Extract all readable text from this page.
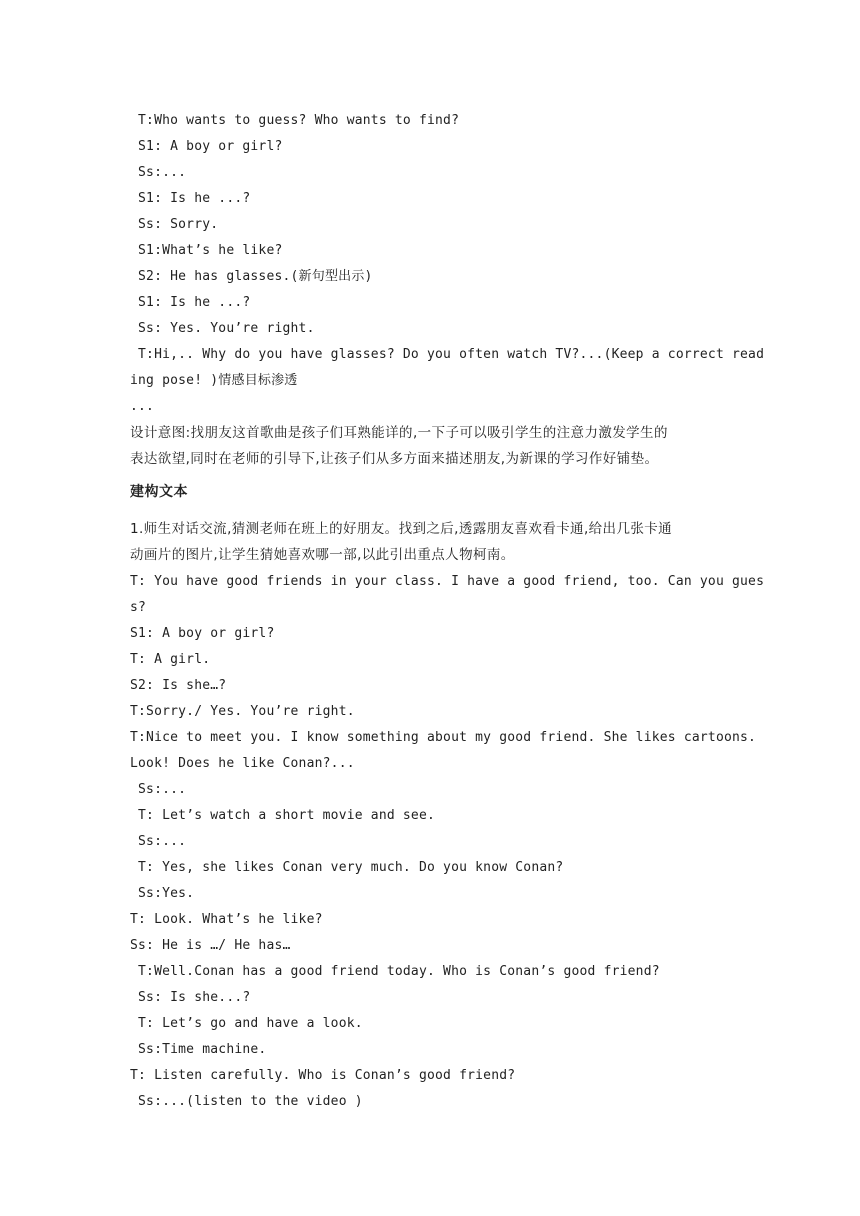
T:Who wants to guess? Who wants to find?
S1: A boy or girl?
Ss:...
S1: Is he ...?
Ss: Sorry.
S1:What’s he like?
S2: He has glasses.(新句型出示)
S1: Is he ...?
Ss: Yes. You’re right.
T:Hi,.. Why do you have glasses? Do you often watch TV?...(Keep a correct read
ing pose! )情感目标渗透
...
设计意图:找朋友这首歌曲是孩子们耳熟能详的,一下子可以吸引学生的注意力激发学生的
表达欲望,同时在老师的引导下,让孩子们从多方面来描述朋友,为新课的学习作好铺垫。
建构文本
1.师生对话交流,猜测老师在班上的好朋友。找到之后,透露朋友喜欢看卡通,给出几张卡通
动画片的图片,让学生猜她喜欢哪一部,以此引出重点人物柯南。
T: You have good friends in your class. I have a good friend, too. Can you gues
s?
S1: A boy or girl?
T: A girl.
S2: Is she…?
T:Sorry./ Yes. You’re right.
T:Nice to meet you. I know something about my good friend. She likes cartoons.
Look! Does he like Conan?...
Ss:...
T: Let’s watch a short movie and see.
Ss:...
T: Yes, she likes Conan very much. Do you know Conan?
Ss:Yes.
T: Look. What’s he like?
Ss: He is …/ He has…
T:Well.Conan has a good friend today. Who is Conan’s good friend?
Ss: Is she...?
T: Let’s go and have a look.
Ss:Time machine.
T: Listen carefully. Who is Conan’s good friend?
Ss:...(listen to the video )
